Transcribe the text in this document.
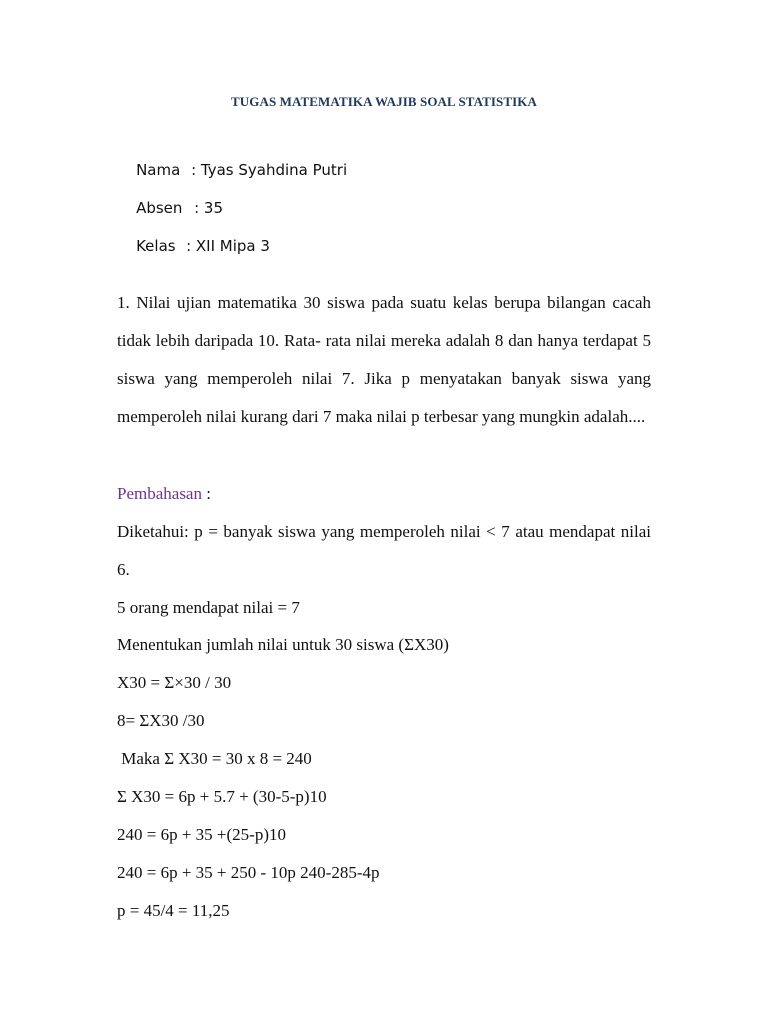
TUGAS MATEMATIKA WAJIB SOAL STATISTIKA

Nama : Tyas Syahdina Putri

Absen : 35

Kelas : XII Mipa 3

1. Nilai ujian matematika 30 siswa pada suatu kelas berupa bilangan cacah tidak lebih daripada 10. Rata- rata nilai mereka adalah 8 dan hanya terdapat 5 siswa yang memperoleh nilai 7. Jika p menyatakan banyak siswa yang memperoleh nilai kurang dari 7 maka nilai p terbesar yang mungkin adalah....
Pembahasan :
Diketahui: p = banyak siswa yang memperoleh nilai < 7 atau mendapat nilai 6.
5 orang mendapat nilai = 7
Menentukan jumlah nilai untuk 30 siswa (ΣX30)
X30 = Σ×30 / 30
8= ΣX30 /30
Maka Σ X30 = 30 x 8 = 240
Σ X30 = 6p + 5.7 + (30-5-p)10
240 = 6p + 35 +(25-p)10
240 = 6p + 35 + 250 - 10p 240-285-4p
p = 45/4 = 11,25
